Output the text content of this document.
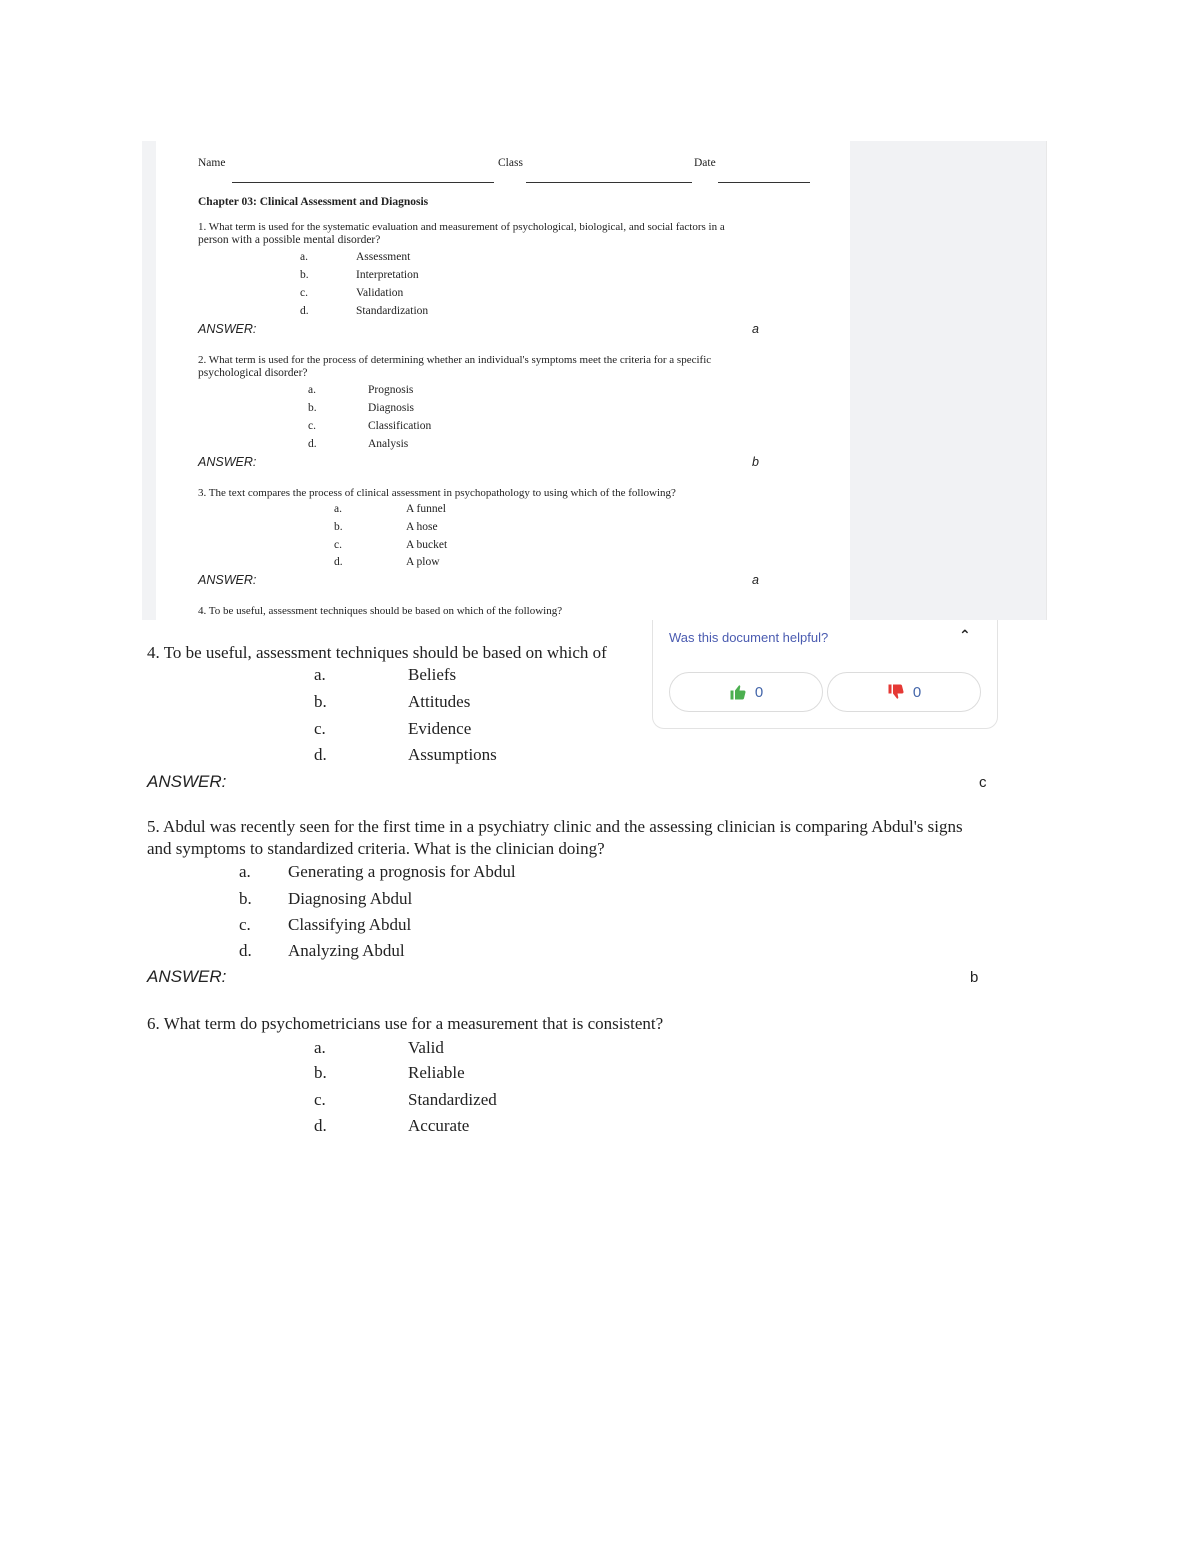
Name	Class	Date
Chapter 03: Clinical Assessment and Diagnosis
1. What term is used for the systematic evaluation and measurement of psychological, biological, and social factors in a
person with a possible mental disorder?
a.	Assessment
b.	Interpretation
c.	Validation
d.	Standardization
ANSWER:	a
2. What term is used for the process of determining whether an individual's symptoms meet the criteria for a specific
psychological disorder?
a.	Prognosis
b.	Diagnosis
c.	Classification
d.	Analysis
ANSWER:	b
3. The text compares the process of clinical assessment in psychopathology to using which of the following?
a.	A funnel
b.	A hose
c.	A bucket
d.	A plow
ANSWER:	a
4. To be useful, assessment techniques should be based on which of the following?
4. To be useful, assessment techniques should be based on which of
a.	Beliefs
b.	Attitudes
c.	Evidence
d.	Assumptions
ANSWER:	c
5. Abdul was recently seen for the first time in a psychiatry clinic and the assessing clinician is comparing Abdul's signs
and symptoms to standardized criteria. What is the clinician doing?
a. Generating a prognosis for Abdul
b. Diagnosing Abdul
c. Classifying Abdul
d. Analyzing Abdul
ANSWER:	b
6. What term do psychometricians use for a measurement that is consistent?
a.	Valid
b.	Reliable
c.	Standardized
d.	Accurate
Was this document helpful?	⌃
0	0
